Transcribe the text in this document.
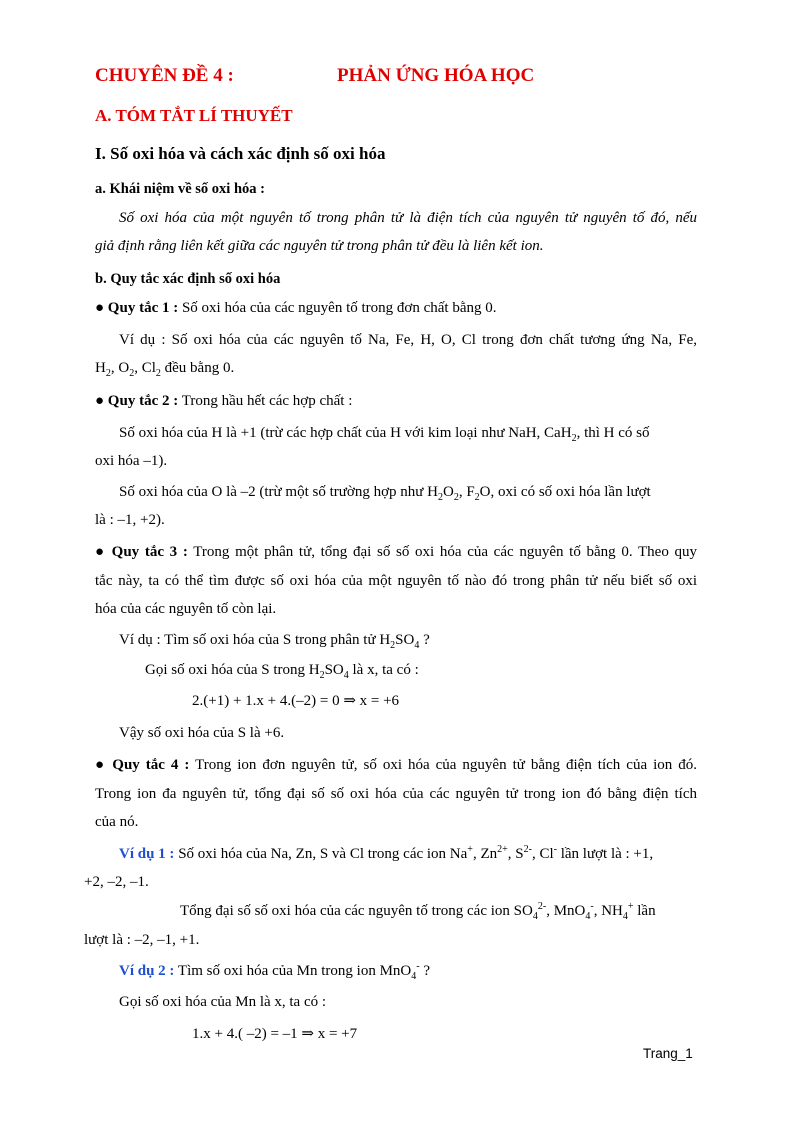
CHUYÊN ĐỀ 4 :	PHẢN ỨNG HÓA HỌC
A. TÓM TẮT LÍ THUYẾT
I. Số oxi hóa và cách xác định số oxi hóa
a. Khái niệm về số oxi hóa :
Số oxi hóa của một nguyên tố trong phân tử là điện tích của nguyên tử nguyên tố đó, nếu
giả định rằng liên kết giữa các nguyên tử trong phân tử đều là liên kết ion.
b. Quy tắc xác định số oxi hóa
● Quy tắc 1 : Số oxi hóa của các nguyên tố trong đơn chất bằng 0.
Ví dụ : Số oxi hóa của các nguyên tố Na, Fe, H, O, Cl trong đơn chất tương ứng Na, Fe,
$H_2$, $O_2$, $Cl_2$ đều bằng 0.
● Quy tắc 2 : Trong hầu hết các hợp chất :
Số oxi hóa của H là +1 (trừ các hợp chất của H với kim loại như NaH, CaH$_2$, thì H có số
oxi hóa –1).
Số oxi hóa của O là –2 (trừ một số trường hợp như $H_2O_2$, $F_2O$, oxi có số oxi hóa lần lượt
là : –1, +2).
● Quy tắc 3 : Trong một phân tử, tổng đại số số oxi hóa của các nguyên tố bằng 0. Theo quy
tắc này, ta có thể tìm được số oxi hóa của một nguyên tố nào đó trong phân tử nếu biết số oxi
hóa của các nguyên tố còn lại.
Ví dụ : Tìm số oxi hóa của S trong phân tử $H_2SO_4$ ?
Gọi số oxi hóa của S trong $H_2SO_4$ là x, ta có :
2.(+1) + 1.x + 4.(–2) = 0 ⇒ x = +6
Vậy số oxi hóa của S là +6.
● Quy tắc 4 : Trong ion đơn nguyên tử, số oxi hóa của nguyên tử bằng điện tích của ion đó.
Trong ion đa nguyên tử, tổng đại số số oxi hóa của các nguyên tử trong ion đó bằng điện tích
của nó.
Ví dụ 1 : Số oxi hóa của Na, Zn, S và Cl trong các ion Na+, $Zn^{2+}$, $S^{2-}$, Cl- lần lượt là : +1,
+2, –2, –1.
Tổng đại số số oxi hóa của các nguyên tố trong các ion $SO_4^{2-}$, MnO$_4$-, $NH_4^+$ lần
lượt là : –2, –1, +1.
Ví dụ 2 : Tìm số oxi hóa của Mn trong ion MnO$_4$- ?
Gọi số oxi hóa của Mn là x, ta có :
1.x + 4.( –2) = –1 ⇒ x = +7
Trang_1
